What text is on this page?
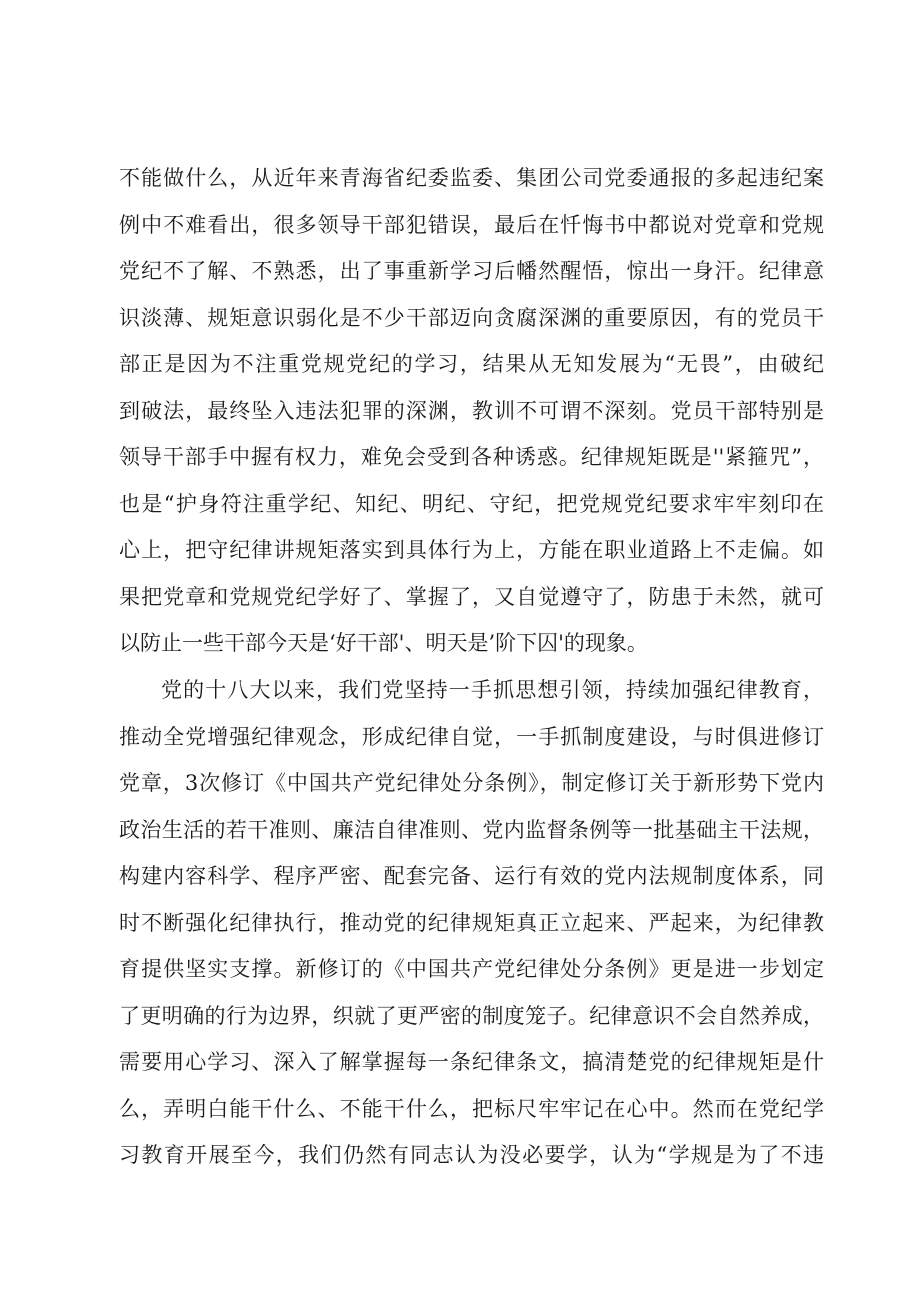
不能做什么，从近年来青海省纪委监委、集团公司党委通报的多起违纪案
例中不难看出，很多领导干部犯错误，最后在忏悔书中都说对党章和党规
党纪不了解、不熟悉，出了事重新学习后幡然醒悟，惊出一身汗。纪律意
识淡薄、规矩意识弱化是不少干部迈向贪腐深渊的重要原因，有的党员干
部正是因为不注重党规党纪的学习，结果从无知发展为“无畏”，由破纪
到破法，最终坠入违法犯罪的深渊，教训不可谓不深刻。党员干部特别是
领导干部手中握有权力，难免会受到各种诱惑。纪律规矩既是''紧箍咒”，
也是“护身符注重学纪、知纪、明纪、守纪，把党规党纪要求牢牢刻印在
心上，把守纪律讲规矩落实到具体行为上，方能在职业道路上不走偏。如
果把党章和党规党纪学好了、掌握了，又自觉遵守了，防患于未然，就可
以防止一些干部今天是‘好干部'、明天是’阶下囚'的现象。
党的十八大以来，我们党坚持一手抓思想引领，持续加强纪律教育，
推动全党增强纪律观念，形成纪律自觉，一手抓制度建设，与时俱进修订
党章，3次修订《中国共产党纪律处分条例》，制定修订关于新形势下党内
政治生活的若干准则、廉洁自律准则、党内监督条例等一批基础主干法规，
构建内容科学、程序严密、配套完备、运行有效的党内法规制度体系，同
时不断强化纪律执行，推动党的纪律规矩真正立起来、严起来，为纪律教
育提供坚实支撑。新修订的《中国共产党纪律处分条例》更是进一步划定
了更明确的行为边界，织就了更严密的制度笼子。纪律意识不会自然养成，
需要用心学习、深入了解掌握每一条纪律条文，搞清楚党的纪律规矩是什
么，弄明白能干什么、不能干什么，把标尺牢牢记在心中。然而在党纪学
习教育开展至今，我们仍然有同志认为没必要学，认为“学规是为了不违
